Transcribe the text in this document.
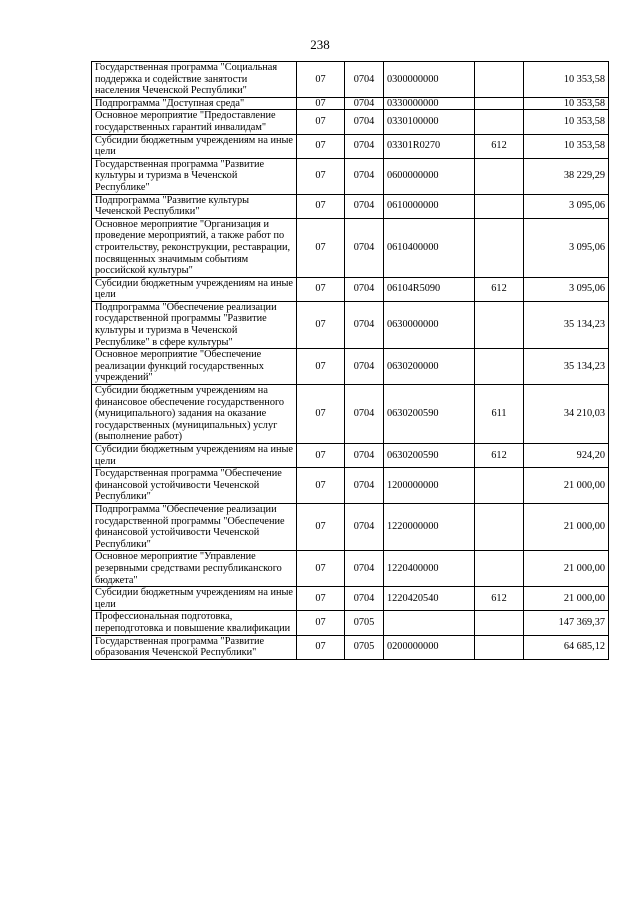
238
Государственная программа "Социальная поддержка и содействие занятости населения Чеченской Республики"	07	0704	0300000000		10 353,58
Подпрограмма "Доступная среда"	07	0704	0330000000		10 353,58
Основное мероприятие "Предоставление государственных гарантий инвалидам"	07	0704	0330100000		10 353,58
Субсидии бюджетным учреждениям на иные цели	07	0704	03301R0270	612	10 353,58
Государственная программа "Развитие культуры и туризма в Чеченской Республике"	07	0704	0600000000		38 229,29
Подпрограмма "Развитие культуры Чеченской Республики"	07	0704	0610000000		3 095,06
Основное мероприятие "Организация и проведение мероприятий, а также работ по строительству, реконструкции, реставрации, посвященных значимым событиям российской культуры"	07	0704	0610400000		3 095,06
Субсидии бюджетным учреждениям на иные цели	07	0704	06104R5090	612	3 095,06
Подпрограмма "Обеспечение реализации государственной программы "Развитие культуры и туризма в Чеченской Республике" в сфере культуры"	07	0704	0630000000		35 134,23
Основное мероприятие "Обеспечение реализации функций государственных учреждений"	07	0704	0630200000		35 134,23
Субсидии бюджетным учреждениям на финансовое обеспечение государственного (муниципального) задания на оказание государственных (муниципальных) услуг (выполнение работ)	07	0704	0630200590	611	34 210,03
Субсидии бюджетным учреждениям на иные цели	07	0704	0630200590	612	924,20
Государственная программа "Обеспечение финансовой устойчивости Чеченской Республики"	07	0704	1200000000		21 000,00
Подпрограмма "Обеспечение реализации государственной программы "Обеспечение финансовой устойчивости Чеченской Республики"	07	0704	1220000000		21 000,00
Основное мероприятие "Управление резервными средствами республиканского бюджета"	07	0704	1220400000		21 000,00
Субсидии бюджетным учреждениям на иные цели	07	0704	1220420540	612	21 000,00
Профессиональная подготовка, переподготовка и повышение квалификации	07	0705			147 369,37
Государственная программа "Развитие образования Чеченской Республики"	07	0705	0200000000		64 685,12
